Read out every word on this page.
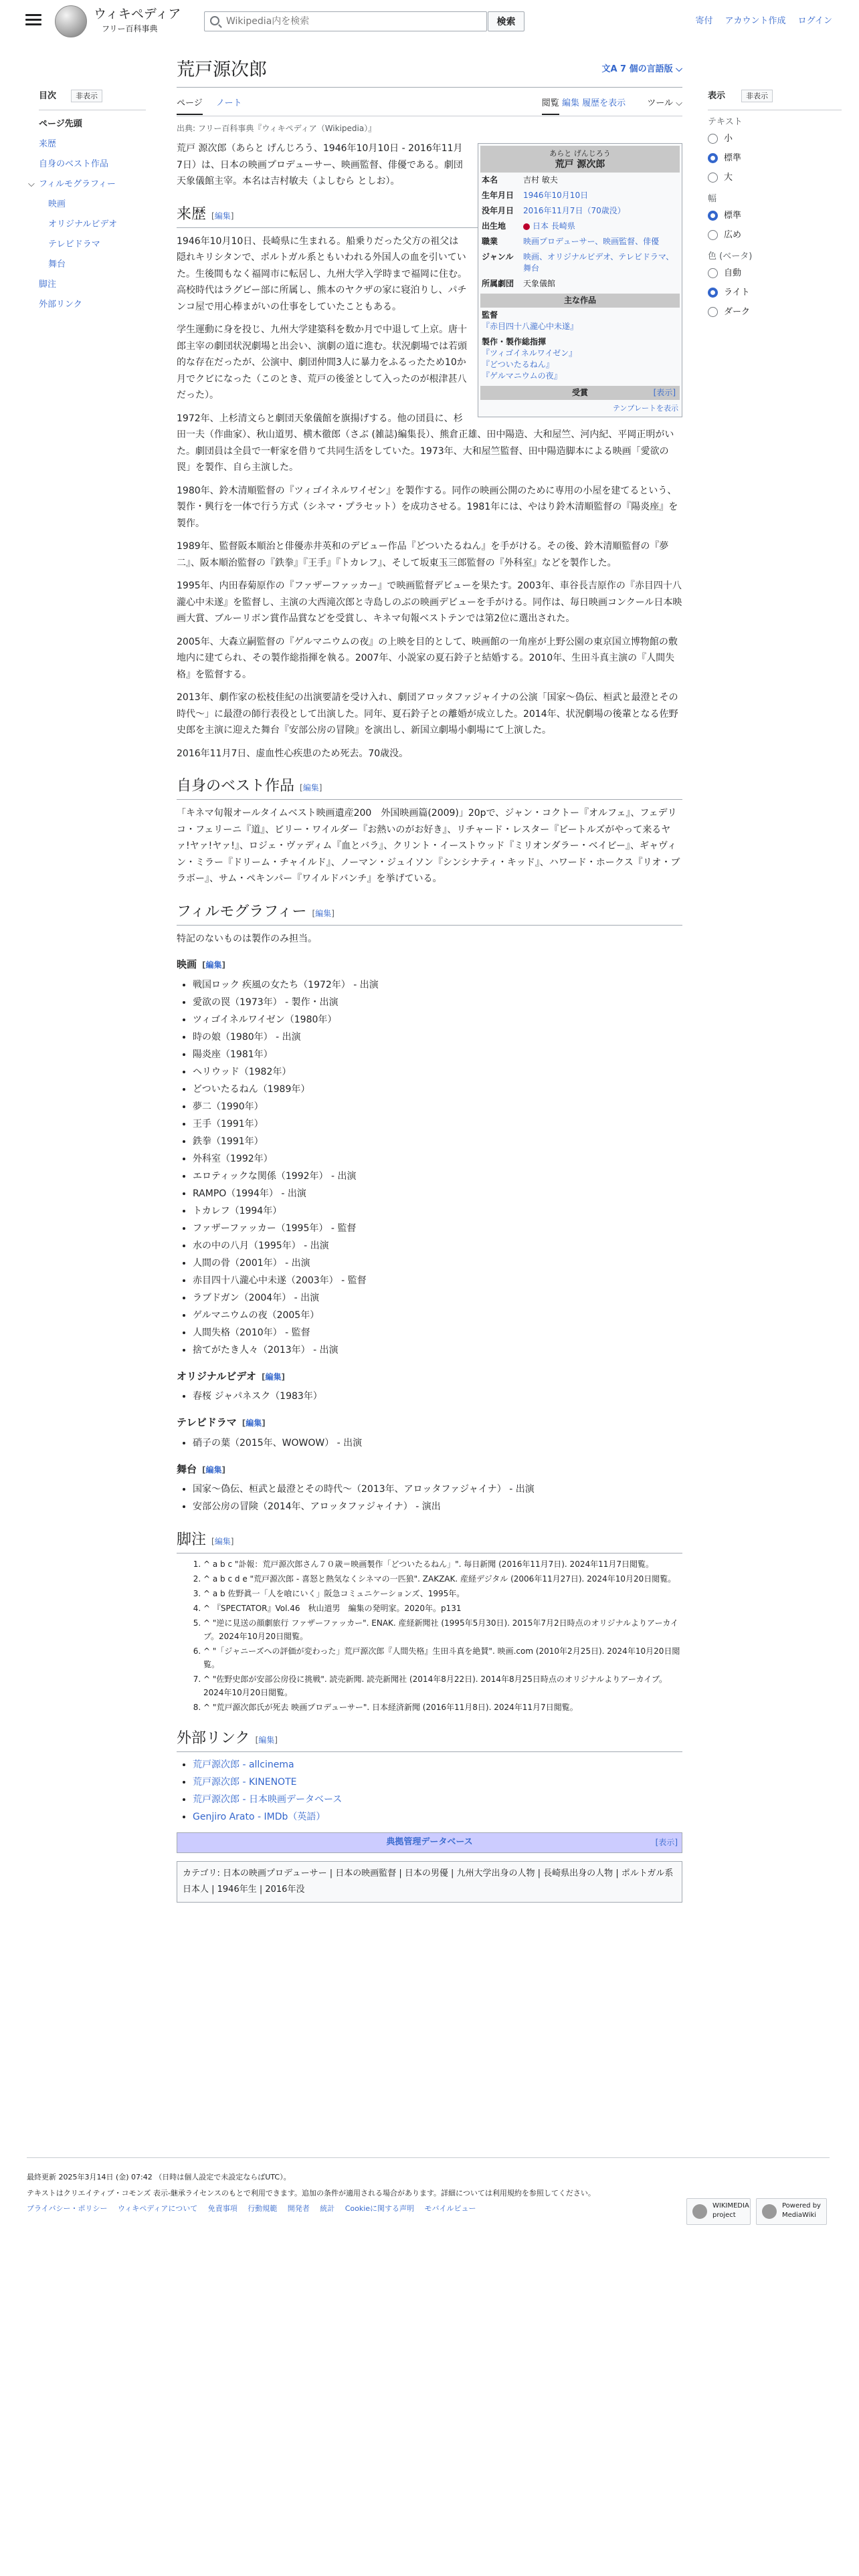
ウィキペディア
フリー百科事典
Wikipedia内を検索
検索	寄付 アカウント作成 ログイン
目次	非表示
ページ先頭
来歴
自身のベスト作品
⌵ フィルモグラフィー
映画
オリジナルビデオ
テレビドラマ
舞台
脚注
外部リンク
表示	非表示
テキスト
小
標準
大
幅
標準
広め
色 (ベータ)
自動
ライト
ダーク
荒戸源次郎	文A 7 個の言語版 ⌵
ページ ノート	閲覧 編集 履歴を表示 ツール ⌵
出典: フリー百科事典『ウィキペディア（Wikipedia）』
あらと げんじろう
荒戸 源次郎
本名	吉村 敏夫
生年月日	1946年10月10日
没年月日	2016年11月7日（70歳没）
出生地	日本 長崎県
職業	映画プロデューサー、映画監督、俳優
ジャンル	映画、オリジナルビデオ、テレビドラマ、舞台
所属劇団	天象儀館
主な作品
監督
『赤目四十八瀧心中未遂』
製作・製作総指揮
『ツィゴイネルワイゼン』
『どついたるねん』
『ゲルマニウムの夜』
受賞	[表示]
テンプレートを表示

荒戸 源次郎（あらと げんじろう、1946年10月10日 - 2016年11月7日）は、日本の映画プロデューサー、映画監督、俳優である。劇団天象儀館主宰。本名は吉村敏夫（よしむら としお）。

来歴 [編集]

1946年10月10日、長崎県に生まれる。船乗りだった父方の祖父は隠れキリシタンで、ポルトガル系ともいわれる外国人の血を引いていた。生後間もなく福岡市に転居し、九州大学入学時まで福岡に住む。高校時代はラグビー部に所属し、熊本のヤクザの家に寝泊りし、パチンコ屋で用心棒まがいの仕事をしていたこともある。

学生運動に身を投じ、九州大学建築科を数か月で中退して上京。唐十郎主宰の劇団状況劇場と出会い、演劇の道に進む。状況劇場では若頭的な存在だったが、公演中、劇団仲間3人に暴力をふるったため10か月でクビになった（このとき、荒戸の後釜として入ったのが根津甚八だった）。

1972年、上杉清文らと劇団天象儀館を旗揚げする。他の団員に、杉田一夫（作曲家）、秋山道男、横木徹郎（さぶ (雑誌)編集長）、熊倉正雄、田中陽造、大和屋竺、河内紀、平岡正明がいた。劇団員は全員で一軒家を借りて共同生活をしていた。1973年、大和屋竺監督、田中陽造脚本による映画「愛欲の罠」を製作、自ら主演した。

1980年、鈴木清順監督の『ツィゴイネルワイゼン』を製作する。同作の映画公開のために専用の小屋を建てるという、製作・興行を一体で行う方式（シネマ・プラセット）を成功させる。1981年には、やはり鈴木清順監督の『陽炎座』を製作。

1989年、監督阪本順治と俳優赤井英和のデビュー作品『どついたるねん』を手がける。その後、鈴木清順監督の『夢二』、阪本順治監督の『鉄拳』『王手』『トカレフ』、そして坂東玉三郎監督の『外科室』などを製作した。

1995年、内田春菊原作の『ファザーファッカー』で映画監督デビューを果たす。2003年、車谷長吉原作の『赤目四十八瀧心中未遂』を監督し、主演の大西滝次郎と寺島しのぶの映画デビューを手がける。同作は、毎日映画コンクール日本映画大賞、ブルーリボン賞作品賞などを受賞し、キネマ旬報ベストテンでは第2位に選出された。

2005年、大森立嗣監督の『ゲルマニウムの夜』の上映を目的として、映画館の一角座が上野公園の東京国立博物館の敷地内に建てられ、その製作総指揮を執る。2007年、小説家の夏石鈴子と結婚する。2010年、生田斗真主演の『人間失格』を監督する。

2013年、劇作家の松枝佳紀の出演要請を受け入れ、劇団アロッタファジャイナの公演「国家〜偽伝、桓武と最澄とその時代〜」に最澄の師行表役として出演した。同年、夏石鈴子との離婚が成立した。2014年、状況劇場の後輩となる佐野史郎を主演に迎えた舞台『安部公房の冒険』を演出し、新国立劇場小劇場にて上演した。

2016年11月7日、虚血性心疾患のため死去。70歳没。

自身のベスト作品 [編集]

「キネマ旬報オールタイムベスト映画遺産200　外国映画篇(2009)」20pで、ジャン・コクトー『オルフェ』、フェデリコ・フェリーニ『道』、ビリー・ワイルダー『お熱いのがお好き』、リチャード・レスター『ビートルズがやって来るヤァ!ヤァ!ヤァ!』、ロジェ・ヴァディム『血とバラ』、クリント・イーストウッド『ミリオンダラー・ベイビー』、ギャヴィン・ミラー『ドリーム・チャイルド』、ノーマン・ジュイソン『シンシナティ・キッド』、ハワード・ホークス『リオ・ブラボー』、サム・ペキンパー『ワイルドバンチ』を挙げている。

フィルモグラフィー [編集]

特記のないものは製作のみ担当。

映画 [編集]
• 戦国ロック 疾風の女たち（1972年） - 出演
• 愛欲の罠（1973年） - 製作・出演
• ツィゴイネルワイゼン（1980年）
• 時の娘（1980年） - 出演
• 陽炎座（1981年）
• ヘリウッド（1982年）
• どついたるねん（1989年）
• 夢二（1990年）
• 王手（1991年）
• 鉄拳（1991年）
• 外科室（1992年）
• エロティックな関係（1992年） - 出演
• RAMPO（1994年） - 出演
• トカレフ（1994年）
• ファザーファッカー（1995年） - 監督
• 水の中の八月（1995年） - 出演
• 人間の骨（2001年） - 出演
• 赤目四十八瀧心中未遂（2003年） - 監督
• ラブドガン（2004年） - 出演
• ゲルマニウムの夜（2005年）
• 人間失格（2010年） - 監督
• 捨てがたき人々（2013年） - 出演
オリジナルビデオ [編集]
• 春桜 ジャパネスク（1983年）
テレビドラマ [編集]
• 硝子の葉（2015年、WOWOW） - 出演
舞台 [編集]
• 国家〜偽伝、桓武と最澄とその時代〜（2013年、アロッタファジャイナ） - 出演
• 安部公房の冒険（2014年、アロッタファジャイナ） - 演出
脚注 [編集]
1. ^ a b c "訃報：荒戸源次郎さん７０歳＝映画製作「どついたるねん」". 毎日新聞 (2016年11月7日). 2024年11月7日閲覧。
2. ^ a b c d e "荒戸源次郎 - 喜怒と熱気なくシネマの一匹狼". ZAKZAK. 産経デジタル (2006年11月27日). 2024年10月20日閲覧。
3. ^ a b 佐野眞一「人を喰にいく」阪急コミュニケーションズ、1995年。
4. ^ 『SPECTATOR』Vol.46　秋山道男　編集の発明家。2020年。p131
5. ^ "逆に見送の顔劇旅行 ファザーファッカー". ENAK. 産経新聞社 (1995年5月30日). 2015年7月2日時点のオリジナルよりアーカイブ。2024年10月20日閲覧。
6. ^ "「ジャニーズへの評価が変わった」荒戸源次郎『人間失格』生田斗真を絶賛". 映画.com (2010年2月25日). 2024年10月20日閲覧。
7. ^ "佐野史郎が安部公房役に挑戦". 読売新聞. 読売新聞社 (2014年8月22日). 2014年8月25日時点のオリジナルよりアーカイブ。2024年10月20日閲覧。
8. ^ "荒戸源次郎氏が死去 映画プロデューサー". 日本経済新聞 (2016年11月8日). 2024年11月7日閲覧。
外部リンク [編集]
• 荒戸源次郎 - allcinema
• 荒戸源次郎 - KINENOTE
• 荒戸源次郎 - 日本映画データベース
• Genjiro Arato - IMDb（英語）
典拠管理データベース	[表示]
カテゴリ: 日本の映画プロデューサー | 日本の映画監督 | 日本の男優 | 九州大学出身の人物 | 長崎県出身の人物 | ポルトガル系日本人 | 1946年生 | 2016年没
最終更新 2025年3月14日 (金) 07:42 （日時は個人設定で未設定ならばUTC）。
テキストはクリエイティブ・コモンズ 表示-継承ライセンスのもとで利用できます。追加の条件が適用される場合があります。詳細については利用規約を参照してください。
プライバシー・ポリシー ウィキペディアについて 免責事項 行動規範 開発者 統計 Cookieに関する声明 モバイルビュー	WIKIMEDIA project
Powered by MediaWiki
